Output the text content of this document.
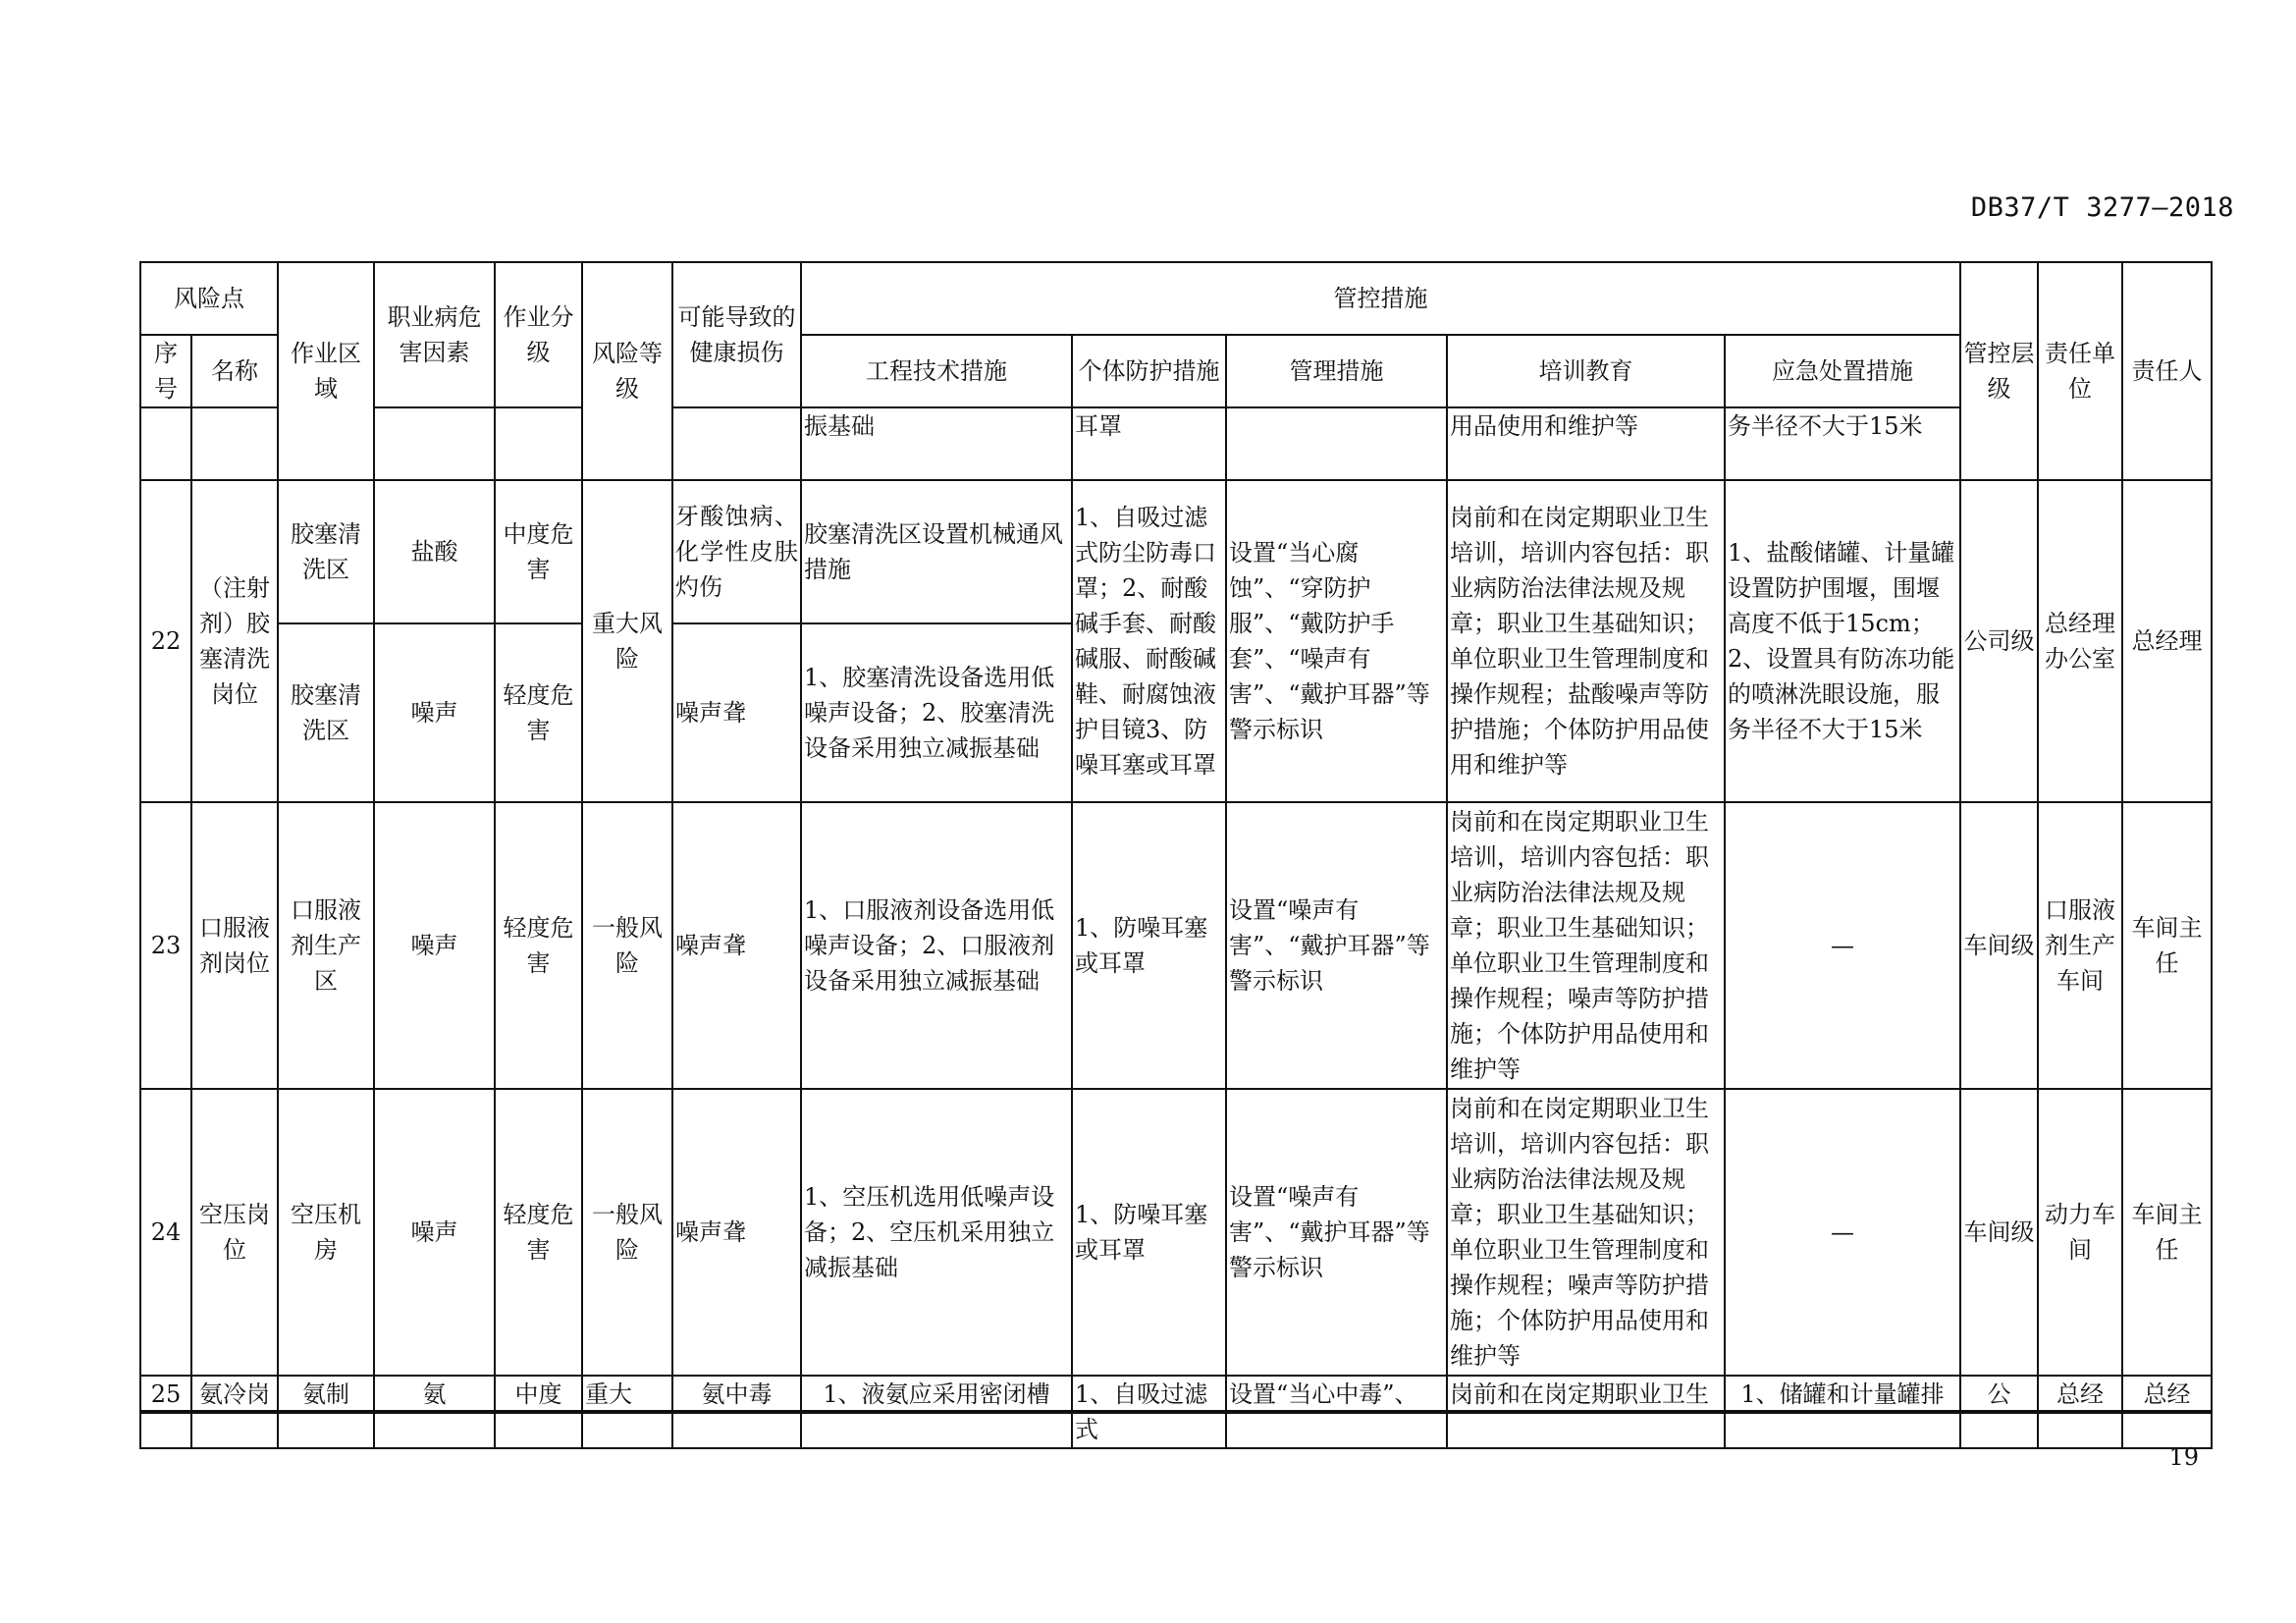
DB37/T 3277—2018
风险点		作业区域	职业病危害因素	作业分级	风险等级	可能导致的健康损伤	管控措施					管控层级	责任单位	责任人
序号	名称						工程技术措施	个体防护措施	管理措施	培训教育	应急处置措施			
							振基础	耳罩		用品使用和维护等	务半径不大于15米			
22	（注射剂）胶塞清洗岗位	胶塞清洗区	盐酸	中度危害	重大风险	牙酸蚀病、化学性皮肤灼伤	胶塞清洗区设置机械通风措施	1、自吸过滤式防尘防毒口罩；2、耐酸碱手套、耐酸碱服、耐酸碱鞋、耐腐蚀液护目镜3、防噪耳塞或耳罩	设置“当心腐蚀”、“穿防护服”、“戴防护手套”、“噪声有害”、“戴护耳器”等警示标识	岗前和在岗定期职业卫生培训，培训内容包括：职业病防治法律法规及规章；职业卫生基础知识；单位职业卫生管理制度和操作规程；盐酸噪声等防护措施；个体防护用品使用和维护等	1、盐酸储罐、计量罐设置防护围堰，围堰高度不低于15cm；2、设置具有防冻功能的喷淋洗眼设施，服务半径不大于15米	公司级	总经理办公室	总经理
		胶塞清洗区	噪声	轻度危害		噪声聋	1、胶塞清洗设备选用低噪声设备；2、胶塞清洗设备采用独立减振基础							
23	口服液剂岗位	口服液剂生产区	噪声	轻度危害	一般风险	噪声聋	1、口服液剂设备选用低噪声设备；2、口服液剂设备采用独立减振基础	1、防噪耳塞或耳罩	设置“噪声有害”、“戴护耳器”等警示标识	岗前和在岗定期职业卫生培训，培训内容包括：职业病防治法律法规及规章；职业卫生基础知识；单位职业卫生管理制度和操作规程；噪声等防护措施；个体防护用品使用和维护等	—	车间级	口服液剂生产车间	车间主任
24	空压岗位	空压机房	噪声	轻度危害	一般风险	噪声聋	1、空压机选用低噪声设备；2、空压机采用独立减振基础	1、防噪耳塞或耳罩	设置“噪声有害”、“戴护耳器”等警示标识	岗前和在岗定期职业卫生培训，培训内容包括：职业病防治法律法规及规章；职业卫生基础知识；单位职业卫生管理制度和操作规程；噪声等防护措施；个体防护用品使用和维护等	—	车间级	动力车间	车间主任
25	氨冷岗	氨制	氨	中度	重大	氨中毒	1、液氨应采用密闭槽	1、自吸过滤式	设置“当心中毒”、	岗前和在岗定期职业卫生	1、储罐和计量罐排	公	总经	总经
19
